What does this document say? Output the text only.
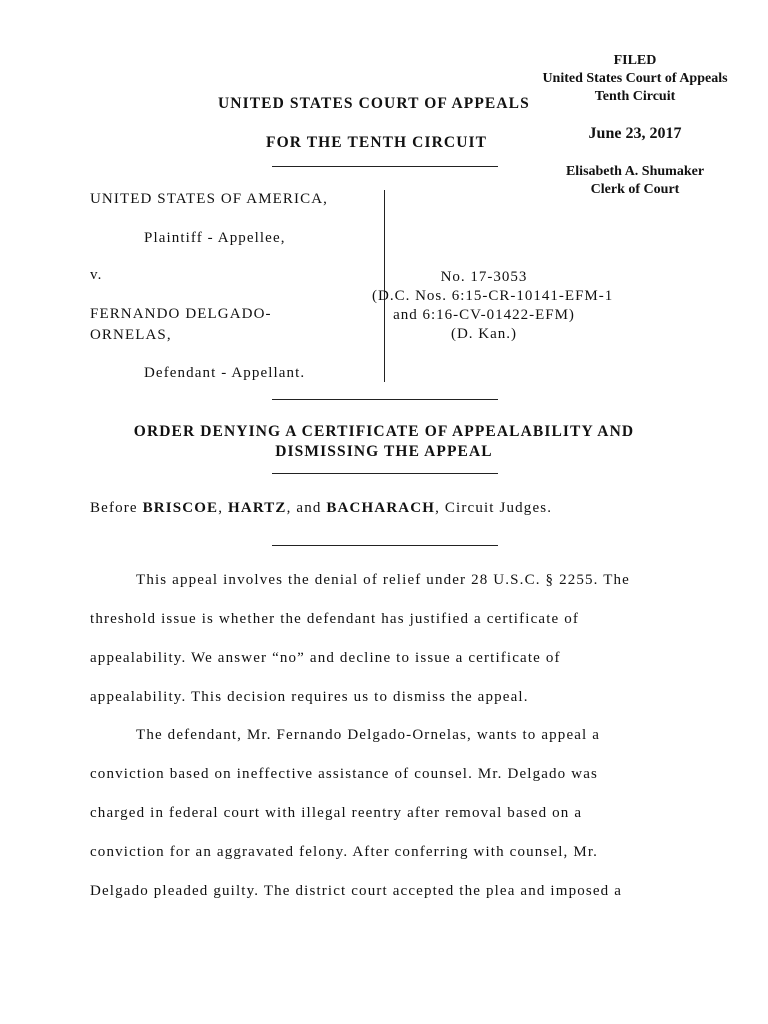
FILED
United States Court of Appeals
Tenth Circuit
June 23, 2017
Elisabeth A. Shumaker
Clerk of Court
UNITED STATES COURT OF APPEALS
FOR THE TENTH CIRCUIT
UNITED STATES OF AMERICA,
Plaintiff - Appellee,
v.
FERNANDO DELGADO-
ORNELAS,
Defendant - Appellant.
No. 17-3053
(D.C. Nos. 6:15-CR-10141-EFM-1
and 6:16-CV-01422-EFM)
(D. Kan.)
ORDER DENYING A CERTIFICATE OF APPEALABILITY AND
DISMISSING THE APPEAL
Before BRISCOE, HARTZ, and BACHARACH, Circuit Judges.
This appeal involves the denial of relief under 28 U.S.C. § 2255. The
threshold issue is whether the defendant has justified a certificate of
appealability. We answer “no” and decline to issue a certificate of
appealability. This decision requires us to dismiss the appeal.
The defendant, Mr. Fernando Delgado-Ornelas, wants to appeal a
conviction based on ineffective assistance of counsel. Mr. Delgado was
charged in federal court with illegal reentry after removal based on a
conviction for an aggravated felony. After conferring with counsel, Mr.
Delgado pleaded guilty. The district court accepted the plea and imposed a
